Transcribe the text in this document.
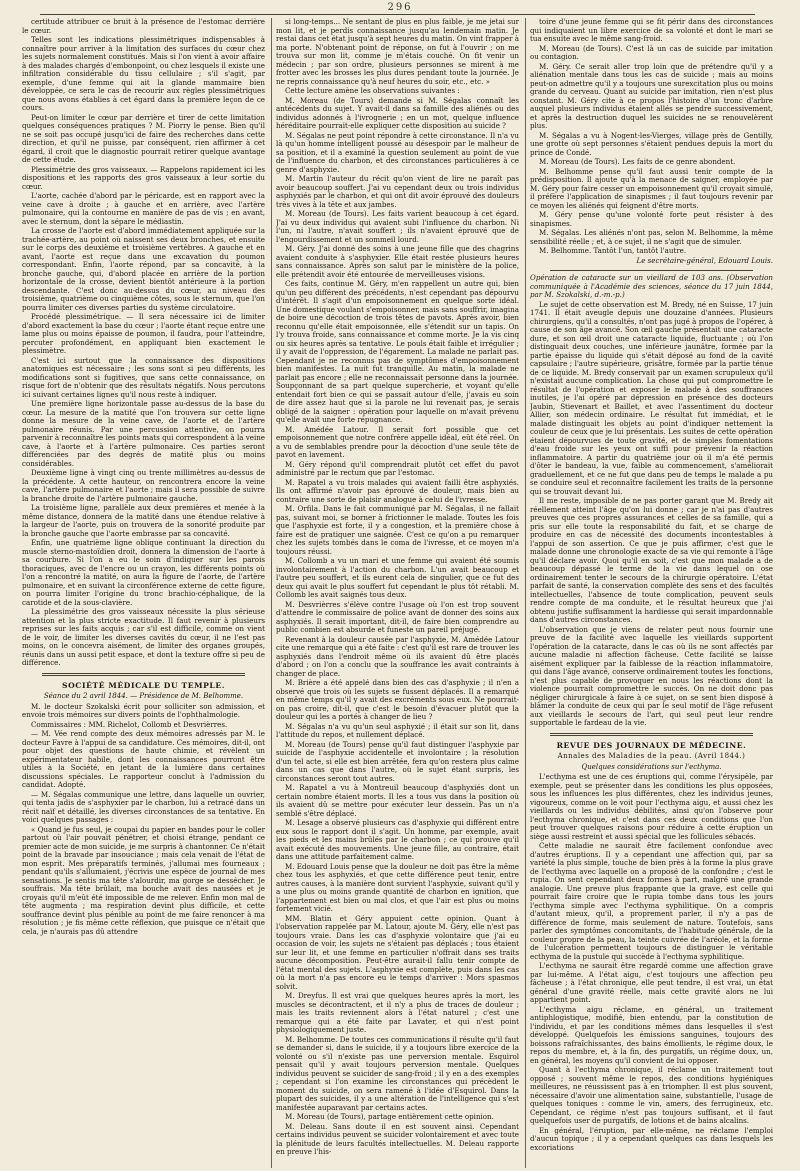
296

certitude attribuer ce bruit à la présence de l'estomac derrière le cœur.

Telles sont les indications plessimétriques indispensables à connaître pour arriver à la limitation des surfaces du cœur chez les sujets normalement constitués. Mais si l'on vient à avoir affaire à des malades chargés d'embonpoint, ou chez lesquels il existe une infiltration considérable du tissu cellulaire ; s'il s'agit, par exemple, d'une femme qui ait la glande mammaire bien développée, ce sera le cas de recourir aux règles plessimétriques que nous avons établies à cet égard dans la première leçon de ce cours.

Peut-on limiter le cœur par derrière et tirer de cette limitation quelques conséquences pratiques ? M. Piorry le pense. Bien qu'il ne se soit pas occupé jusqu'ici de faire des recherches dans cette direction, et qu'il ne puisse, par conséquent, rien affirmer à cet égard, il croit que le diagnostic pourrait retirer quelque avantage de cette étude.

Plessimétrie des gros vaisseaux. — Rappelons rapidement ici les dispositions et les rapports des gros vaisseaux à leur sortie du cœur.

L'aorte, cachée d'abord par le péricarde, est en rapport avec la veine cave à droite ; à gauche et en arrière, avec l'artère pulmonaire, qui la contourne en manière de pas de vis ; en avant, avec le sternum, dont la sépare le médiastin.

La crosse de l'aorte est d'abord immédiatement appliquée sur la trachée-artère, au point où naissent ses deux bronches, et ensuite sur le corps des deuxième et troisième vertèbres. A gauche et en avant, l'aorte est reçue dans une excavation du poumon correspondant. Enfin, l'aorte répond, par sa concavité, à la bronche gauche, qui, d'abord placée en arrière de la portion horizontale de la crosse, devient bientôt antérieure à la portion descendante. C'est donc au-dessus du cœur, au niveau des troisième, quatrième ou cinquième côtes, sous le sternum, que l'on pourra limiter ces diverses parties du système circulatoire.

Procédé plessimétrique. — Il sera nécessaire ici de limiter d'abord exactement la base du cœur ; l'aorte étant reçue entre une lame plus ou moins épaisse de poumon, il faudra, pour l'atteindre, percuter profondément, en appliquant bien exactement le plessimètre.

C'est ici surtout que la connaissance des dispositions anatomiques est nécessaire ; les sons sont si peu différents, les modifications sont si fugitives, que sans cette connaissance, on risque fort de n'obtenir que des résultats négatifs. Nous percutons ici suivant certaines lignes qu'il nous reste à indiquer.

Une première ligne horizontale passe au-dessus de la base du cœur. La mesure de la matité que l'on trouvera sur cette ligne donne la mesure de la veine cave, de l'aorte et de l'artère pulmonaire réunis. Par une percussion attentive, on pourra parvenir à reconnaître les points mats qui correspondent à la veine cave, à l'aorte et à l'artère pulmonaire. Ces parties seront différenciées par des degrés de matité plus ou moins considérables.

Deuxième ligne à vingt cinq ou trente millimètres au-dessus de la précédente. A cette hauteur, on rencontrera encore la veine cave, l'artère pulmonaire et l'aorte ; mais il sera possible de suivre la branche droite de l'artère pulmonaire gauche.

La troisième ligne, parallèle aux deux premières et menée à la même distance, donnera de la matité dans une étendue relative à la largeur de l'aorte, puis on trouvera de la sonorité produite par la bronche gauche que l'aorte embrasse par sa concavité.

Enfin, une quatrième ligne oblique continuant la direction du muscle sterno-mastoïdien droit, donnera la dimension de l'aorte à sa courbure. Si l'on a eu le soin d'indiquer sur les parois thoraciques, avec de l'encre ou un crayon, les différents points où l'on a rencontré la matité, on aura la figure de l'aorte, de l'artère pulmonaire, et en suivant la circonférence externe de cette figure, on pourra limiter l'origine du tronc brachio-céphalique, de la carotide et de la sous-clavière.

La plessimétrie des gros vaisseaux nécessite la plus sérieuse attention et la plus stricte exactitude. Il faut revenir à plusieurs reprises sur les faits acquis ; car s'il est difficile, comme on vient de le voir, de limiter les diverses cavités du cœur, il ne l'est pas moins, on le concevra aisément, de limiter des organes groupés, réunis dans un aussi petit espace, et dont la texture offre si peu de différence.

SOCIÉTÉ MÉDICALE DU TEMPLE.

Séance du 2 avril 1844. — Présidence de M. Belhomme.

M. le docteur Szokalski écrit pour solliciter son admission, et envoie trois mémoires sur divers points de l'ophthalmologie.

Commissaires : MM. Richelot, Collomb et Desvrièrres.

— M. Vée rend compte des deux mémoires adressés par M. le docteur Favre à l'appui de sa candidature. Ces mémoires, dit-il, ont pour objet des questions de haute chimie, et révèlent un expérimentateur habile, dont les connaissances pourront être utiles à la Société, en jetant de la lumière dans certaines discussions spéciales. Le rapporteur conclut à l'admission du candidat. Adopté.

— M. Ségalas communique une lettre, dans laquelle un ouvrier, qui tenta jadis de s'asphyxier par le charbon, lui a retracé dans un récit naïf et détaillé, les diverses circonstances de sa tentative. En voici quelques passages :

« Quand je fus seul, je coupai du papier en bandes pour le coller partout où l'air pouvait pénétrer, et choisi étrange, pendant ce premier acte de mon suicide, je me surpris à chantonner. Ce n'était point de la bravade par insouciance ; mais cela venait de l'état de mon esprit. Mes préparatifs terminés, j'allumai mes fourneaux ; pendant qu'ils s'allumaient, j'écrivis une espèce de journal de mes sensations. Je sentis ma tête s'alourdir, ma gorge se dessécher. Je souffrais. Ma tête brûlait, ma bouche avait des nausées et je croyais qu'il m'eût été impossible de me relever. Enfin mon mal de tête augmenta ; ma respiration devint plus difficile, et cette souffrance devint plus pénible au point de me faire renoncer à ma résolution ; je fis même cette réflexion, que puisque ce n'était que cela, je n'aurais pas dû attendre

si long-temps... Ne sentant de plus en plus faible, je me jetai sur mon lit, et je perdis connaissance jusqu'au lendemain matin. Je restai dans cet état jusqu'à sept heures du matin. On vint frapper à ma porte. N'obtenant point de réponse, on fut à l'ouvrir ; on me trouva sur mon lit, comme je m'étais couché. On fit venir un médecin ; par son ordre, plusieurs personnes se mirent à me frotter avec les brosses les plus dures pendant toute la journée. Je ne repris connaissance qu'à neuf heures du soir, etc., etc. »

Cette lecture amène les observations suivantes :

M. Moreau (de Tours) demande si M. Ségalas connaît les antécédents du sujet. Y avait-il dans sa famille des aliénés ou des individus adonnés à l'ivrognerie ; en un mot, quelque influence héréditaire pourrait-elle expliquer cette disposition au suicide ?

M. Ségalas ne peut point répondre à cette circonstance. Il n'a vu là qu'un homme intelligent poussé au désespoir par le malheur de sa position, et il a examiné la question seulement au point de vue de l'influence du charbon, et des circonstances particulières à ce genre d'asphyxie.

M. Martin l'auteur du récit qu'on vient de lire ne paraît pas avoir beaucoup souffert. J'ai vu cependant deux ou trois individus asphyxiés par le charbon, et qui ont dit avoir éprouvé des douleurs très vives à la tête et aux jambes.

M. Moreau (de Tours). Les faits varient beaucoup à cet égard. J'ai vu deux individus qui avaient subi l'influence du charbon. Ni l'un, ni l'autre, n'avait souffert ; ils n'avaient éprouvé que de l'engourdissement et un sommeil lourd.

M. Géry. J'ai donné des soins à une jeune fille que des chagrins avaient conduite à s'asphyxier. Elle était restée plusieurs heures sans connaissance. Après son salut par le ministère de la police, elle prétendit avoir été entourée de merveilleuses visions.

Ces faits, continue M. Géry, m'en rappellent un autre qui, bien qu'un peu différent des précédents, n'est cependant pas dépourvu d'intérêt. Il s'agit d'un empoisonnement en quelque sorte idéal. Une domestique voulant s'empoisonner, mais sans souffrir, imagina de boire une décoction de trois têtes de pavots. Après avoir, bien reconnu qu'elle était empoisonnée, elle s'étendit sur un tapis. On l'y trouva froide, sans connaissance et comme morte. Je la vis cinq ou six heures après sa tentative. Le pouls était faible et irrégulier ; il y avait de l'oppression, de l'égarement. La malade ne parlait pas. Cependant je ne reconnus pas de symptômes d'empoisonnement bien manifestes. La nuit fut tranquille. Au matin, la malade ne parlait pas encore ; elle ne reconnaissait personne dans la journée. Soupçonnant de sa part quelque supercherie, et voyant qu'elle entendait fort bien ce qui se passait autour d'elle, j'avais eu soin de dire assez haut que si la parole ne lui revenait pas, je serais obligé de la saigner : opération pour laquelle on m'avait prévenu qu'elle avait une forte répugnance.

M. Amédée Latour. Il serait fort possible que cet empoisonnement que notre confrère appelle idéal, eût été réel. On a vu de semblables prendre pour la décoction d'une seule tête de pavot en lavement.

M. Géry répond qu'il comprendrait plutôt cet effet du pavot administré par le rectum que par l'estomac.

M. Rapatel a vu trois malades qui avaient failli être asphyxiés. Ils ont affirmé n'avoir pas éprouvé de douleur, mais bien au contraire une sorte de plaisir analogue à celui de l'ivresse.

M. Orfila. Dans le fait communiqué par M. Ségalas, il ne fallait pas, suivant moi, se borner à frictionner le malade. Toutes les fois que l'asphyxie est forte, il y a congestion, et la première chose à faire est de pratiquer une saignée. C'est ce qu'on a pu remarquer chez les sujets tombés dans le coma de l'ivresse, et ce moyen m'a toujours réussi.

M. Collomb a vu un mari et une femme qui avaient été soumis involontairement à l'action du charbon. L'un avait beaucoup et l'autre peu souffert, et ils eurent cela de singulier, que ce fut des deux qui avait le plus souffert fut cependant le plus tôt rétabli. M. Collomb les avait saignés tous deux.

M. Desvrièrres s'élève contre l'usage où l'on est trop souvent d'attendre le commissaire de police avant de donner des soins aux asphyxiés. Il serait important, dit-il, de faire bien comprendre au public combien est absurde et funeste un pareil préjugé.

Revenant à la douleur causée par l'asphyxie, M. Amédée Latour cite une remarque qui a été faite : c'est qu'il est rare de trouver les asphyxiés dans l'endroit même où ils avaient dû être placés d'abord ; on l'on a conclu que la souffrance les avait contraints à changer de place.

M. Brière a été appelé dans bien des cas d'asphyxie ; il n'en a observé que trois où les sujets se fussent déplacés. Il a remarqué en même temps qu'il y avait des excréments sous eux. Ne pourrait-on pas croire, dit-il, que c'est le besoin d'évacuer plutôt que la douleur qui les a portés à changer de lieu ?

M. Ségalas n'a vu qu'un seul asphyxié ; il était sur son lit, dans l'attitude du repos, et nullement déplacé.

M. Moreau (de Tours) pense qu'il faut distinguer l'asphyxie par suicide de l'asphyxie accidentelle et involontaire ; la résolution d'un tel acte, si elle est bien arrêtée, fera qu'on restera plus calme dans un cas que dans l'autre, où le sujet étant surpris, les circonstances seront tout autres.

M. Rapatel a vu à Montreuil beaucoup d'asphyxiés dont un certain nombre étaient morts. Il les a tous vus dans la position où ils avaient dû se mettre pour exécuter leur dessein. Pas un n'a semblé s'être déplacé.

M. Lesage a observé plusieurs cas d'asphyxie qui différent entre eux sous le rapport dont il s'agit. Un homme, par exemple, avait les pieds et les mains brûlés par le charbon ; ce qui prouve qu'il avait exécuté des mouvements. Une jeune fille, au contraire, était dans une attitude parfaitement calme.

M. Edouard Louis pense que la douleur ne doit pas être la même chez tous les asphyxiés, et que cette différence peut tenir, entre autres causes, à la manière dont survient l'asphyxie, suivant qu'il y a une plus ou moins grande quantité de charbon en ignition, que l'appartement est bien ou mal clos, et que l'air est plus ou moins fortement vicié.

MM. Blatin et Géry appuient cette opinion. Quant à l'observation rappelée par M. Latour, ajoute M. Géry, elle n'est pas toujours vraie. Dans les cas d'asphyxie volontaire que j'ai eu occasion de voir, les sujets ne s'étaient pas déplacés ; tous étaient sur leur lit, et une femme en particulier n'offrait dans ses traits aucune décomposition. Peut-être aurait-il fallu tenir compte de l'état mental des sujets. L'asphyxie est complète, puis dans les cas où la mort n'a pas encore eu le temps d'arriver : Mors spasmos solvit.

M. Dreyfus. Il est vrai que quelques heures après la mort, les muscles se décontractent, et il n'y a plus de traces de douleur ; mais les traits reviennent alors à l'état naturel ; c'est une remarque qui a été faite par Lavater, et qui n'est point physiologiquement juste.

M. Belhomme. De toutes ces communications il résulte qu'il faut se demander si, dans le suicide, il y a toujours libre exercice de la volonté ou s'il n'existe pas une perversion mentale. Esquirol pensait qu'il y avait toujours perversion mentale. Quelques individus peuvent se suicider de sang-froid ; il y en a des exemples ; cependant si l'on examine les circonstances qui précèdent le moment du suicide, on sera ramené à l'idée d'Esquirol. Dans la plupart des suicides, il y a une altération de l'intelligence qui s'est manifestée auparavant par certains actes.

M. Moreau (de Tours), partage entièrement cette opinion.

M. Deleau. Sans doute il en est souvent ainsi. Cependant certains individus peuvent se suicider volontairement et avec toute la plénitude de leurs facultés intellectuelles. M. Deleau rapporte en preuve l'his-

toire d'une jeune femme qui se fit périr dans des circonstances qui indiquaient un libre exercice de sa volonté et dont le mari se tua ensuite avec le même sang-froid.

M. Moreau (de Tours). C'est là un cas de suicide par imitation ou contagion.

M. Géry. Ce serait aller trop loin que de prétendre qu'il y a aliénation mentale dans tous les cas de suicide ; mais au moins peut-on admettre qu'il y a toujours une surexcitation plus ou moins grande du cerveau. Quant au suicide par imitation, rien n'est plus constant. M. Géry cite à ce propos l'histoire d'un tronc d'arbre auquel plusieurs individus étaient allés se pendre successivement, et après la destruction duquel les suicides ne se renouvelèrent plus.

M. Ségalas a vu à Nogent-les-Vierges, village près de Gentilly, une grotte où sept personnes s'étaient pendues depuis la mort du prince de Condé.

M. Moreau (de Tours). Les faits de ce genre abondent.

M. Belhomme pense qu'il faut aussi tenir compte de la prédisposition. Il ajoute qu'à la menace de saigner, employée par M. Géry pour faire cesser un empoisonnement qu'il croyait simulé, il préfère l'application de sinapismes ; il faut toujours revenir par ce moyen les aliénés qui feignent d'être morts.

M. Géry pense qu'une volonté forte peut résister à des sinapismes.

M. Ségalas. Les aliénés n'ont pas, selon M. Belhomme, la même sensibilité réelle ; et, à ce sujet, il ne s'agit que de simuler.

M. Belhomme. Tantôt l'un, tantôt l'autre.

Le secrétaire-général, Edouard Louis.

Opération de cataracte sur un vieillard de 103 ans. (Observation communiquée à l'Académie des sciences, séance du 17 juin 1844, par M. Szokalski, d.-m.-p.)

Le sujet de cette observation est M. Bredy, né en Suisse, 17 juin 1741. Il était aveugle depuis une douzaine d'années. Plusieurs chirurgiens, qu'il a consultés, n'ont pas jugé à propos de l'opérer, à cause de son âge avancé. Son œil gauche présentait une cataracte dure, et son œil droit une cataracte liquide, fluctuante ; où l'on distinguait deux couches, une inférieure jaunâtre, formée par la partie épaisse du liquide qui s'était déposé au fond de la cavité capsulaire ; l'autre supérieure, grisâtre, formée par la partie ténue de ce liquide. M. Bredy conservait par un examen scrupuleux qu'il n'existait aucune complication. La chose qui put compromettre le résultat de l'opération et exposer le malade à des souffrances inutiles, je l'ai opéré par dépression en présence des docteurs Jaubin, Stievenart et Baillet, et avec l'assentiment du docteur Allier, son médecin ordinaire. Le résultat fut immédiat, et le malade distinguait les objets au point d'indiquer nettement la couleur de ceux que je lui présentais. Les suites de cette opération étaient dépourvues de toute gravité, et de simples fomentations d'eau froide sur les yeux ont suffi pour prévenir la réaction inflammatoire. A partir du quatrième jour où il m'a été permis d'ôter le bandeau, la vue, faible au commencement, s'améliorait graduellement, et ce ne fut que dans peu de temps le malade a pu se conduire seul et reconnaître facilement les traits de la personne qui se trouvait devant lui.

Il me reste, imposible de ne pas porter garant que M. Bredy ait réellement atteint l'âge qu'on lui donne ; car je n'ai pas d'autres preuves que ces propres assurances et celles de sa famille, qui a pris sur elle toute la responsabilité du fait, et se charge de produire en cas de nécessité des documents incontestables à l'appui de son assertion. Ce que je puis affirmer, c'est que le malade donne une chronologie exacte de sa vie qui remonte à l'âge qu'il déclare avoir. Quoi qu'il en soit, c'est que mon malade a de beaucoup dépassé le terme de la vie dans lequel on ose ordinairement tenter le secours de la chirurgie opératoire. L'état parfait de santé, la conservation complète des sens et des facultés intellectuelles, l'absence de toute complication, peuvent seuls rendre compte de ma conduite, et le résultat heureux que j'ai obtenu justifie suffisamment la hardiesse qui serait impardonnable dans d'autres circonstances.

L'observation que je viens de relater peut nous fournir une preuve de la facilité avec laquelle les vieillards supportent l'opération de la cataracte, dans le cas où ils ne sont affectés par aucune maladie ni affection fâcheuse. Cette facilité se laisse aisément expliquer par la faiblesse de la réaction inflammatoire, qui dans l'âge avancé, conserve ordinairement toutes les fonctions, n'est plus capable de provoquer en nous les réactions dont la violence pourrait compromettre le succès. On ne doit donc pas négliger chirurgicale à faire à ce sujet, on se sent bien disposé à blâmer la conduite de ceux qui par le seul motif de l'âge refusent aux vieillards le secours de l'art, qui seul peut leur rendre supportable le fardeau de la vie.

REVUE DES JOURNAUX DE MÉDECINE.

Annales des Maladies de la peau. (Avril 1844.)

Quelques considérations sur l'ecthyma.

L'ecthyma est une de ces éruptions qui, comme l'érysipèle, par exemple, peut se présenter dans les conditions les plus opposées, sous les influences les plus différentes, chez les individus jeunes, vigoureux, comme on le voit pour l'ecthyma aigu, et aussi chez les vieillards ou les individus débilités, ainsi qu'on l'observe pour l'ecthyma chronique, et c'est dans ces deux conditions que l'on peut trouver quelques raisons pour réduire à cette éruption un siège aussi restreint et aussi spécial que les follicules sébacés.

Cette maladie ne saurait être facilement confondue avec d'autres éruptions. Il y a cependant une affection qui, par sa variété la plus simple, touche de bien près à la forme la plus grave de l'ecthyma avec laquelle on a proposé de la confondre ; c'est le rupia. On sent cependant deux formes à part, malgré une grande analogie. Une preuve plus frappante que la grave, est celle qui pourrait faire croire que le rupia tombe dans tous les jours l'ecthyma simple avec l'ecthyma syphilitique. On a compris d'autant mieux, qu'il, a proprement parler, il n'y a pas de différence de forme, mais seulement de nature. Toutefois, sans parler des symptômes concomitants, de l'habitude générale, de la couleur propre de la peau, la teinte cuivrée de l'aréole, et la forme de l'ulcération permettent toujours de distinguer le véritable ecthyma de la pustule qui succède à l'ecthyma syphilitique.

L'ecthyma ne saurait être regardé comme une affection grave par lui-même. A l'état aigu, c'est toujours une affection peu fâcheuse ; à l'état chronique, elle peut tendre, il est vrai, un état général d'une gravité réelle, mais cette gravité alors ne lui appartient point.

L'ecthyma aigu réclame, en général, un traitement antiphlogistique, modifié, bien entendu, par la constitution de l'individu, et par les conditions mêmes dans lesquelles il s'est développé. Quelquefois les émissions sanguines, toujours des boissons rafraîchissantes, des bains émollients, le régime doux, le repos du membre, et, à la fin, des purgatifs, un régime doux, un, en général, les moyens qu'il convient de lui opposer.

Quant à l'ecthyma chronique, il réclame un traitement tout opposé ; souvent même le repos, des conditions hygiéniques meilleures, ne réussissent pas à en triompher. Il est plus souvent, nécessaire d'avoir une alimentation saine, substantielle, l'usage de quelques toniques : comme le vin, amers, des ferrugineux, etc. Cependant, ce régime n'est pas toujours suffisant, et il faut quelquefois user de purgatifs, de lotions et de bains alcalins.

En général, l'éruption, par elle-même, ne réclame l'emploi d'aucun topique ; il y a cependant quelques cas dans lesquels les excoriations
